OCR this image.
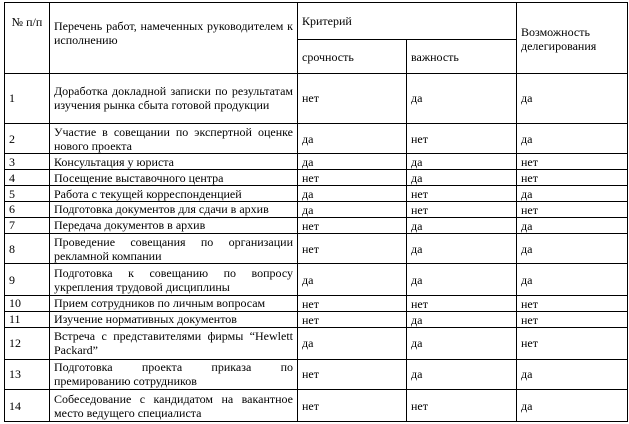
№ п/п	Перечень работ, намеченных руководителем к исполнению	Критерий		Возможность делегирования
		срочность	важность	
1	Доработка докладной записки по результатам изучения рынка сбыта готовой продукции	нет	да	да
2	Участие в совещании по экспертной оценке нового проекта	да	нет	да
3	Консультация у юриста	да	да	нет
4	Посещение выставочного центра	нет	да	нет
5	Работа с текущей корреспонденцией	да	нет	да
6	Подготовка документов для сдачи в архив	да	нет	нет
7	Передача документов в архив	нет	да	да
8	Проведение совещания по организации рекламной компании	нет	да	да
9	Подготовка к совещанию по вопросу укрепления трудовой дисциплины	да	да	да
10	Прием сотрудников по личным вопросам	нет	нет	нет
11	Изучение нормативных документов	нет	да	нет
12	Встреча с представителями фирмы “Hewlett Packard”	да	да	нет
13	Подготовка проекта приказа по премированию сотрудников	нет	да	да
14	Собеседование с кандидатом на вакантное место ведущего специалиста	нет	нет	да
